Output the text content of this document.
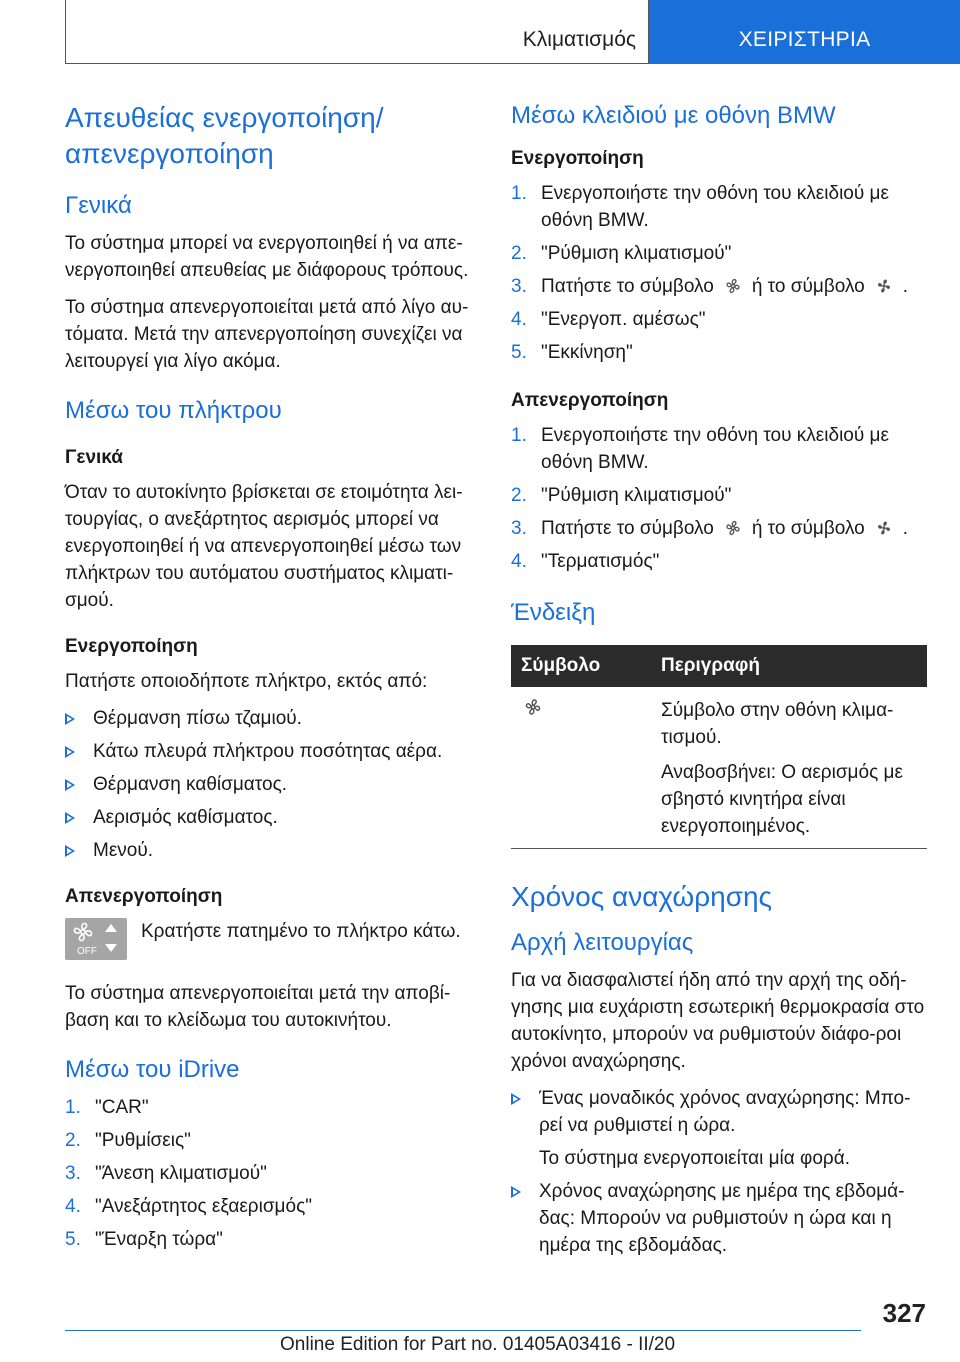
Κλιματισμός	ΧΕΙΡΙΣΤΗΡΙΑ
Απευθείας ενεργοποίηση/απενεργοποίηση
Γενικά

Το σύστημα μπορεί να ενεργοποιηθεί ή να απε-νεργοποιηθεί απευθείας με διάφορους τρόπους.

Το σύστημα απενεργοποιείται μετά από λίγο αυ-τόματα. Μετά την απενεργοποίηση συνεχίζει να λειτουργεί για λίγο ακόμα.

Μέσω του πλήκτρου
Γενικά

Όταν το αυτοκίνητο βρίσκεται σε ετοιμότητα λει-τουργίας, ο ανεξάρτητος αερισμός μπορεί να ενεργοποιηθεί ή να απενεργοποιηθεί μέσω των πλήκτρων του αυτόματου συστήματος κλιματι-σμού.

Ενεργοποίηση

Πατήστε οποιοδήποτε πλήκτρο, εκτός από:

Θέρμανση πίσω τζαμιού.
Κάτω πλευρά πλήκτρου ποσότητας αέρα.
Θέρμανση καθίσματος.
Αερισμός καθίσματος.
Μενού.
Απενεργοποίηση
OFF
Κρατήστε πατημένο το πλήκτρο κάτω.

Το σύστημα απενεργοποιείται μετά την αποβί-βαση και το κλείδωμα του αυτοκινήτου.

Μέσω του iDrive
1. "CAR"
2. "Ρυθμίσεις"
3. "Άνεση κλιματισμού"
4. "Ανεξάρτητος εξαερισμός"
5. "Έναρξη τώρα"
Μέσω κλειδιού με οθόνη BMW
Ενεργοποίηση
1. Ενεργοποιήστε την οθόνη του κλειδιού με οθόνη BMW.
2. "Ρύθμιση κλιματισμού"
3. Πατήστε το σύμβολο ή το σύμβολο .
4. "Ενεργοπ. αμέσως"
5. "Εκκίνηση"
Απενεργοποίηση
1. Ενεργοποιήστε την οθόνη του κλειδιού με οθόνη BMW.
2. "Ρύθμιση κλιματισμού"
3. Πατήστε το σύμβολο ή το σύμβολο .
4. "Τερματισμός"
Ένδειξη
Σύμβολο	Περιγραφή

Σύμβολο στην οθόνη κλιμα-τισμού.

Αναβοσβήνει: Ο αερισμός με σβηστό κινητήρα είναι ενεργοποιημένος.

Χρόνος αναχώρησης
Αρχή λειτουργίας

Για να διασφαλιστεί ήδη από την αρχή της οδή-γησης μια ευχάριστη εσωτερική θερμοκρασία στο αυτοκίνητο, μπορούν να ρυθμιστούν διάφο-ροι χρόνοι αναχώρησης.

Ένας μοναδικός χρόνος αναχώρησης: Μπο-ρεί να ρυθμιστεί η ώρα.
Το σύστημα ενεργοποιείται μία φορά.
Χρόνος αναχώρησης με ημέρα της εβδομά-δας: Μπορούν να ρυθμιστούν η ώρα και η ημέρα της εβδομάδας.
327
Online Edition for Part no. 01405A03416 - II/20
